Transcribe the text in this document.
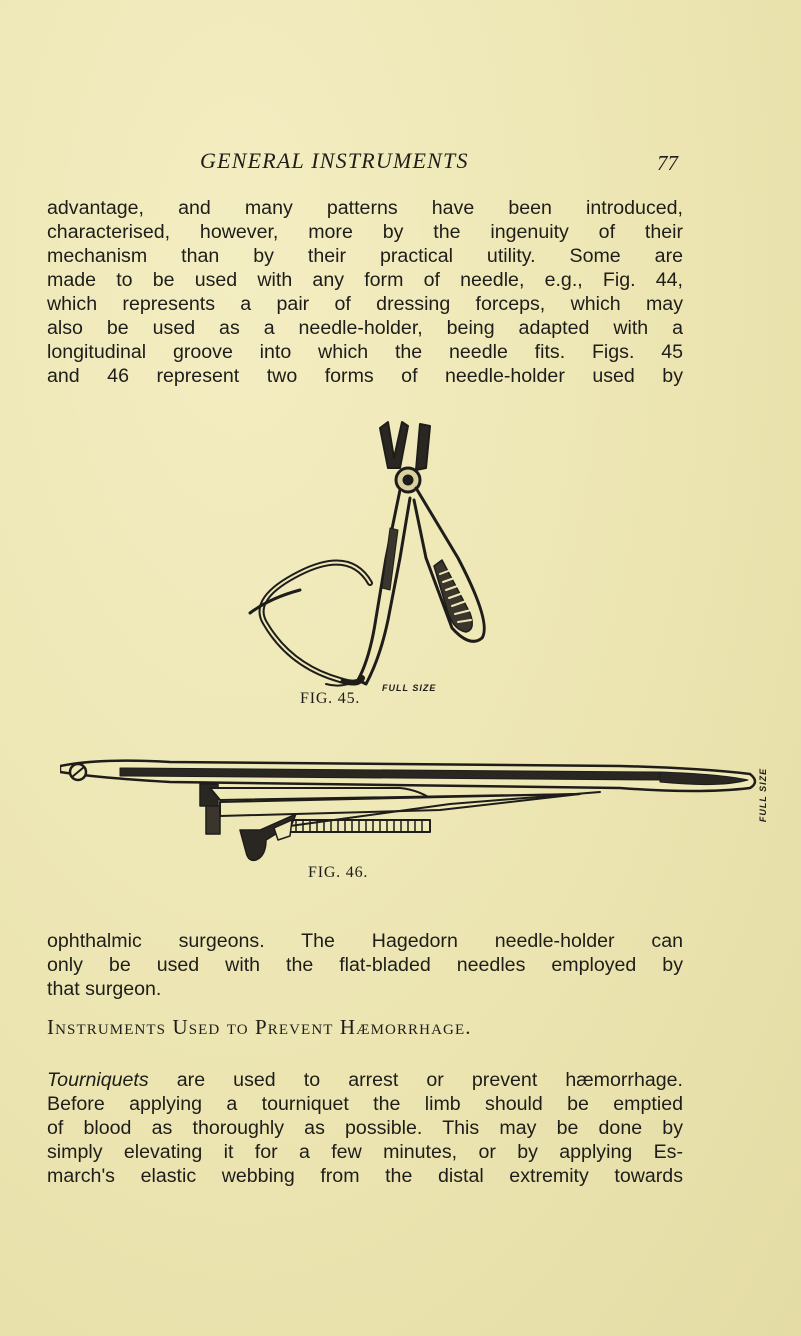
GENERAL INSTRUMENTS	77

advantage, and many patterns have been introduced,
characterised, however, more by the ingenuity of their
mechanism than by their practical utility. Some are
made to be used with any form of needle, e.g., Fig. 44,
which represents a pair of dressing forceps, which may
also be used as a needle-holder, being adapted with a
longitudinal groove into which the needle fits. Figs. 45
and 46 represent two forms of needle-holder used by

FULL SIZE
FIG. 45.
FULL SIZE
FIG. 46.

ophthalmic surgeons. The Hagedorn needle-holder can
only be used with the flat-bladed needles employed by
that surgeon.

Instruments Used to Prevent Hæmorrhage.

Tourniquets are used to arrest or prevent hæmorrhage.
Before applying a tourniquet the limb should be emptied
of blood as thoroughly as possible. This may be done by
simply elevating it for a few minutes, or by applying Es-
march's elastic webbing from the distal extremity towards
